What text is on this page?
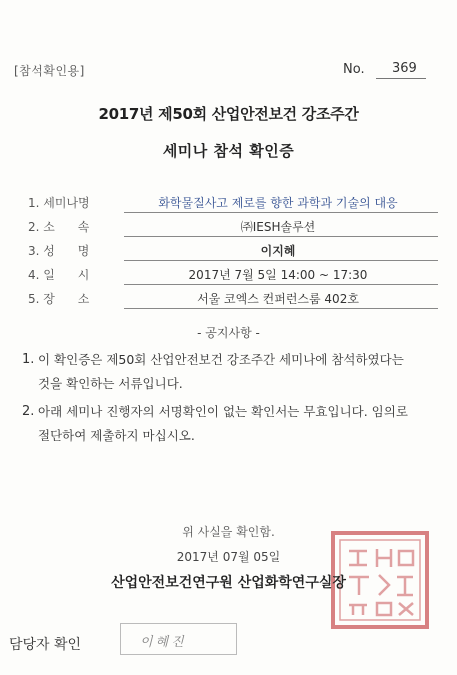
[참석확인용]	No. 369
2017년 제50회 산업안전보건 강조주간
세미나 참석 확인증
1. 세미나명	화학물질사고 제로를 향한 과학과 기술의 대응
2. 소      속	㈜IESH솔루션
3. 성      명	이지혜
4. 일      시	2017년 7월 5일 14:00 ~ 17:30
5. 장      소	서울 코엑스 컨퍼런스룸 402호
- 공지사항 -
1. 이 확인증은 제50회 산업안전보건 강조주간 세미나에 참석하였다는
것을 확인하는 서류입니다.
2. 아래 세미나 진행자의 서명확인이 없는 확인서는 무효입니다. 임의로
절단하여 제출하지 마십시오.
위 사실을 확인함.
2017년 07월 05일
산업안전보건연구원 산업화학연구실장
담당자 확인	이혜진
